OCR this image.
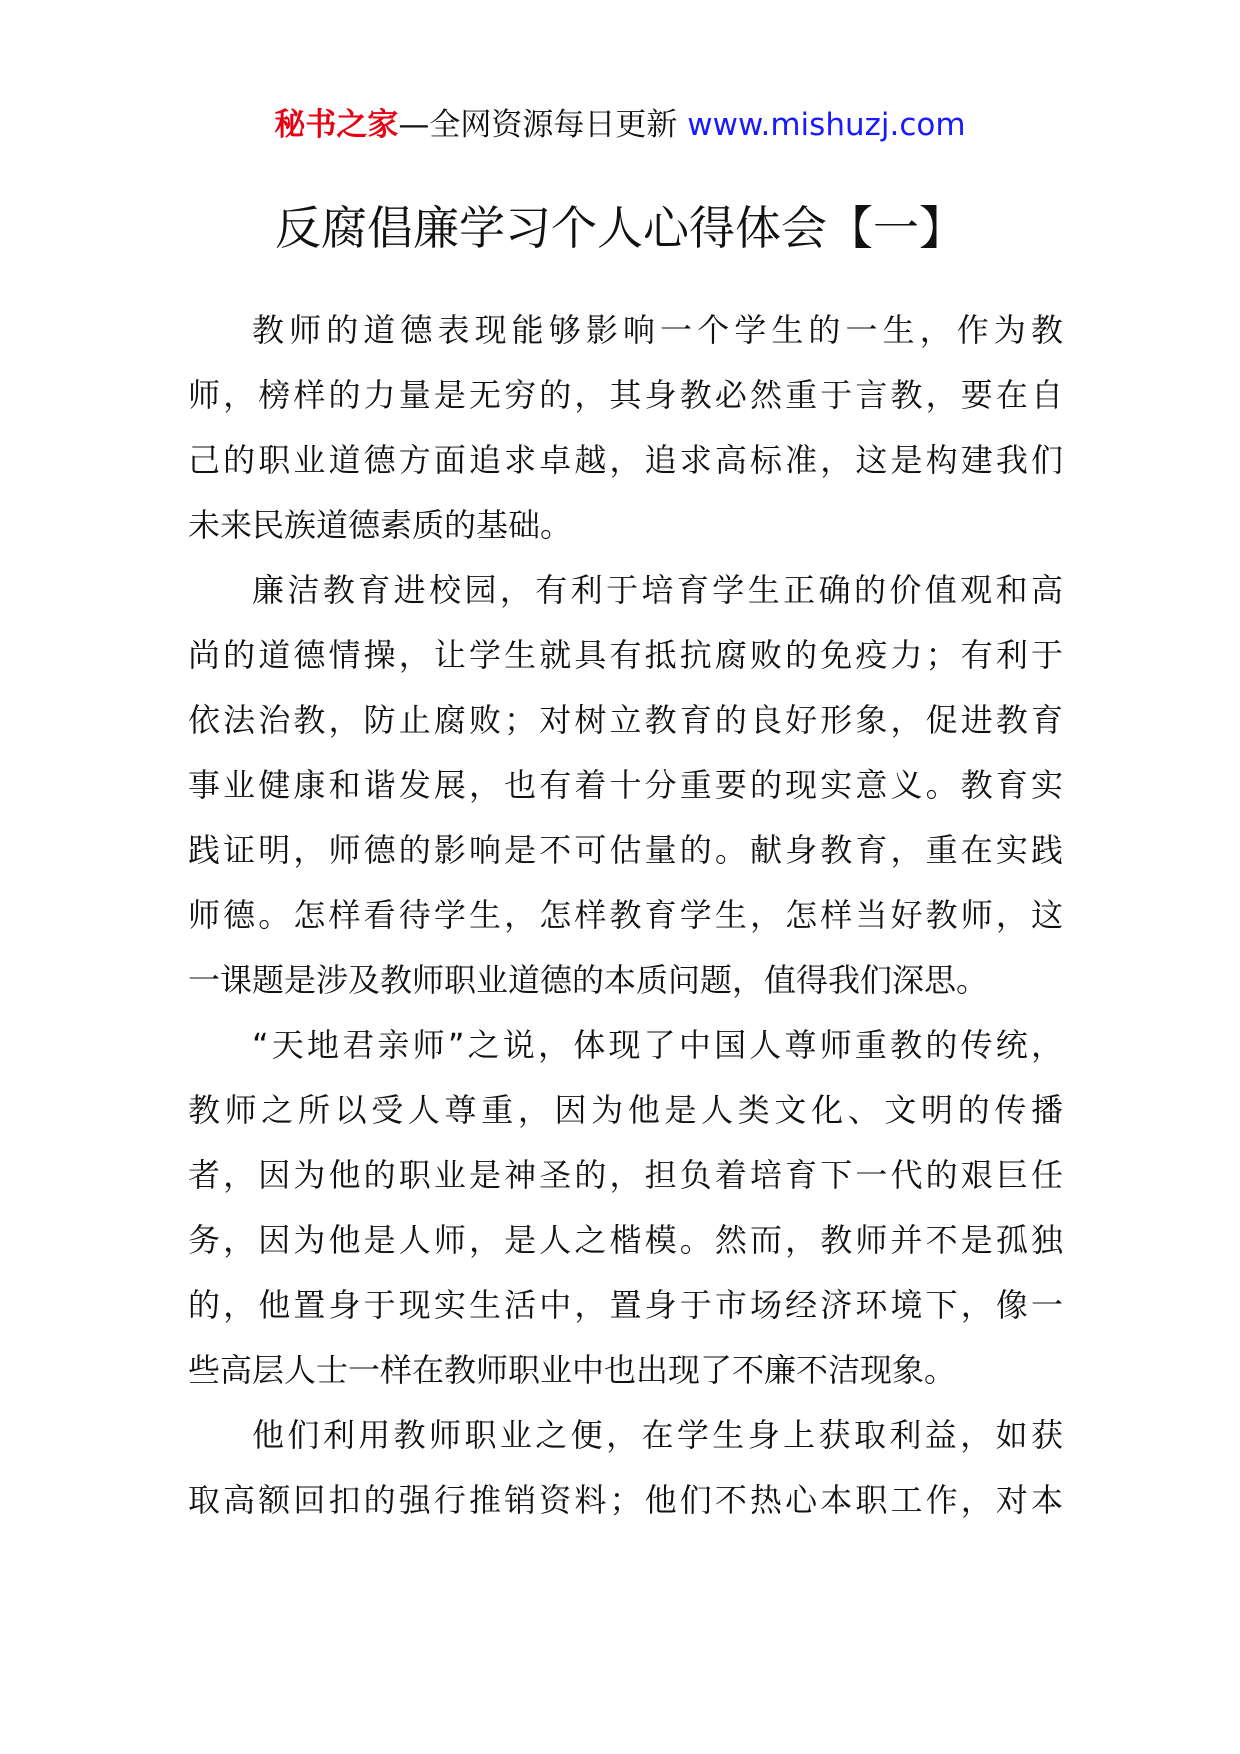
秘书之家—全网资源每日更新 www.mishuzj.com
反腐倡廉学习个人心得体会【一】
教师的道德表现能够影响一个学生的一生，作为教
师，榜样的力量是无穷的，其身教必然重于言教，要在自
己的职业道德方面追求卓越，追求高标准，这是构建我们
未来民族道德素质的基础。
廉洁教育进校园，有利于培育学生正确的价值观和高
尚的道德情操，让学生就具有抵抗腐败的免疫力；有利于
依法治教，防止腐败；对树立教育的良好形象，促进教育
事业健康和谐发展，也有着十分重要的现实意义。教育实
践证明，师德的影响是不可估量的。献身教育，重在实践
师德。怎样看待学生，怎样教育学生，怎样当好教师，这
一课题是涉及教师职业道德的本质问题，值得我们深思。
“天地君亲师”之说，体现了中国人尊师重教的传统，
教师之所以受人尊重，因为他是人类文化、文明的传播
者，因为他的职业是神圣的，担负着培育下一代的艰巨任
务，因为他是人师，是人之楷模。然而，教师并不是孤独
的，他置身于现实生活中，置身于市场经济环境下，像一
些高层人士一样在教师职业中也出现了不廉不洁现象。
他们利用教师职业之便，在学生身上获取利益，如获
取高额回扣的强行推销资料；他们不热心本职工作，对本
